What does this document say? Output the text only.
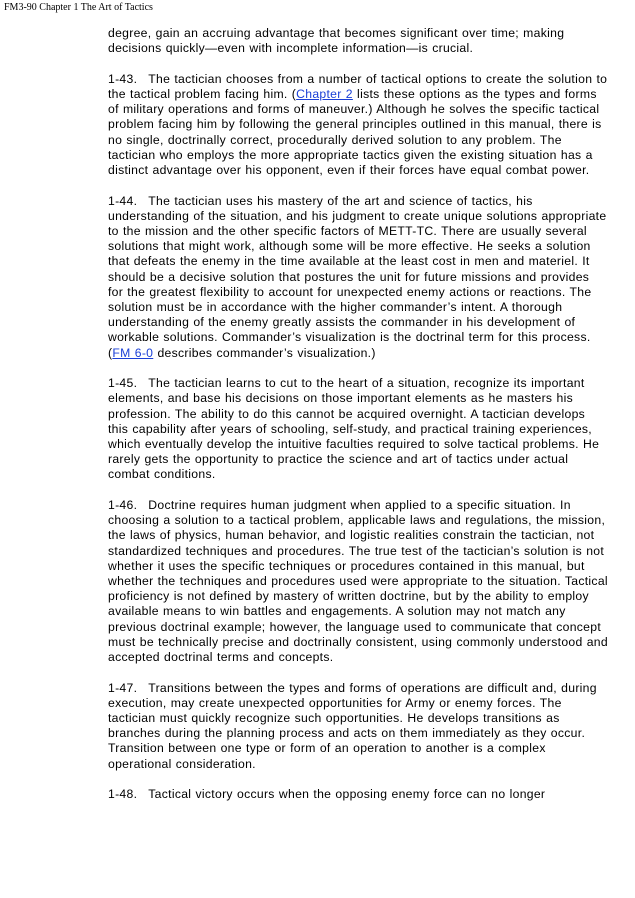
FM3-90 Chapter 1 The Art of Tactics

degree, gain an accruing advantage that becomes significant over time; making decisions quickly—even with incomplete information—is crucial.

1-43. The tactician chooses from a number of tactical options to create the solution to the tactical problem facing him. (Chapter 2 lists these options as the types and forms of military operations and forms of maneuver.) Although he solves the specific tactical problem facing him by following the general principles outlined in this manual, there is no single, doctrinally correct, procedurally derived solution to any problem. The tactician who employs the more appropriate tactics given the existing situation has a distinct advantage over his opponent, even if their forces have equal combat power.

1-44. The tactician uses his mastery of the art and science of tactics, his understanding of the situation, and his judgment to create unique solutions appropriate to the mission and the other specific factors of METT-TC. There are usually several solutions that might work, although some will be more effective. He seeks a solution that defeats the enemy in the time available at the least cost in men and materiel. It should be a decisive solution that postures the unit for future missions and provides for the greatest flexibility to account for unexpected enemy actions or reactions. The solution must be in accordance with the higher commander’s intent. A thorough understanding of the enemy greatly assists the commander in his development of workable solutions. Commander’s visualization is the doctrinal term for this process. (FM 6-0 describes commander’s visualization.)

1-45. The tactician learns to cut to the heart of a situation, recognize its important elements, and base his decisions on those important elements as he masters his profession. The ability to do this cannot be acquired overnight. A tactician develops this capability after years of schooling, self-study, and practical training experiences, which eventually develop the intuitive faculties required to solve tactical problems. He rarely gets the opportunity to practice the science and art of tactics under actual combat conditions.

1-46. Doctrine requires human judgment when applied to a specific situation. In choosing a solution to a tactical problem, applicable laws and regulations, the mission, the laws of physics, human behavior, and logistic realities constrain the tactician, not standardized techniques and procedures. The true test of the tactician’s solution is not whether it uses the specific techniques or procedures contained in this manual, but whether the techniques and procedures used were appropriate to the situation. Tactical proficiency is not defined by mastery of written doctrine, but by the ability to employ available means to win battles and engagements. A solution may not match any previous doctrinal example; however, the language used to communicate that concept must be technically precise and doctrinally consistent, using commonly understood and accepted doctrinal terms and concepts.

1-47. Transitions between the types and forms of operations are difficult and, during execution, may create unexpected opportunities for Army or enemy forces. The tactician must quickly recognize such opportunities. He develops transitions as branches during the planning process and acts on them immediately as they occur. Transition between one type or form of an operation to another is a complex operational consideration.

1-48. Tactical victory occurs when the opposing enemy force can no longer
